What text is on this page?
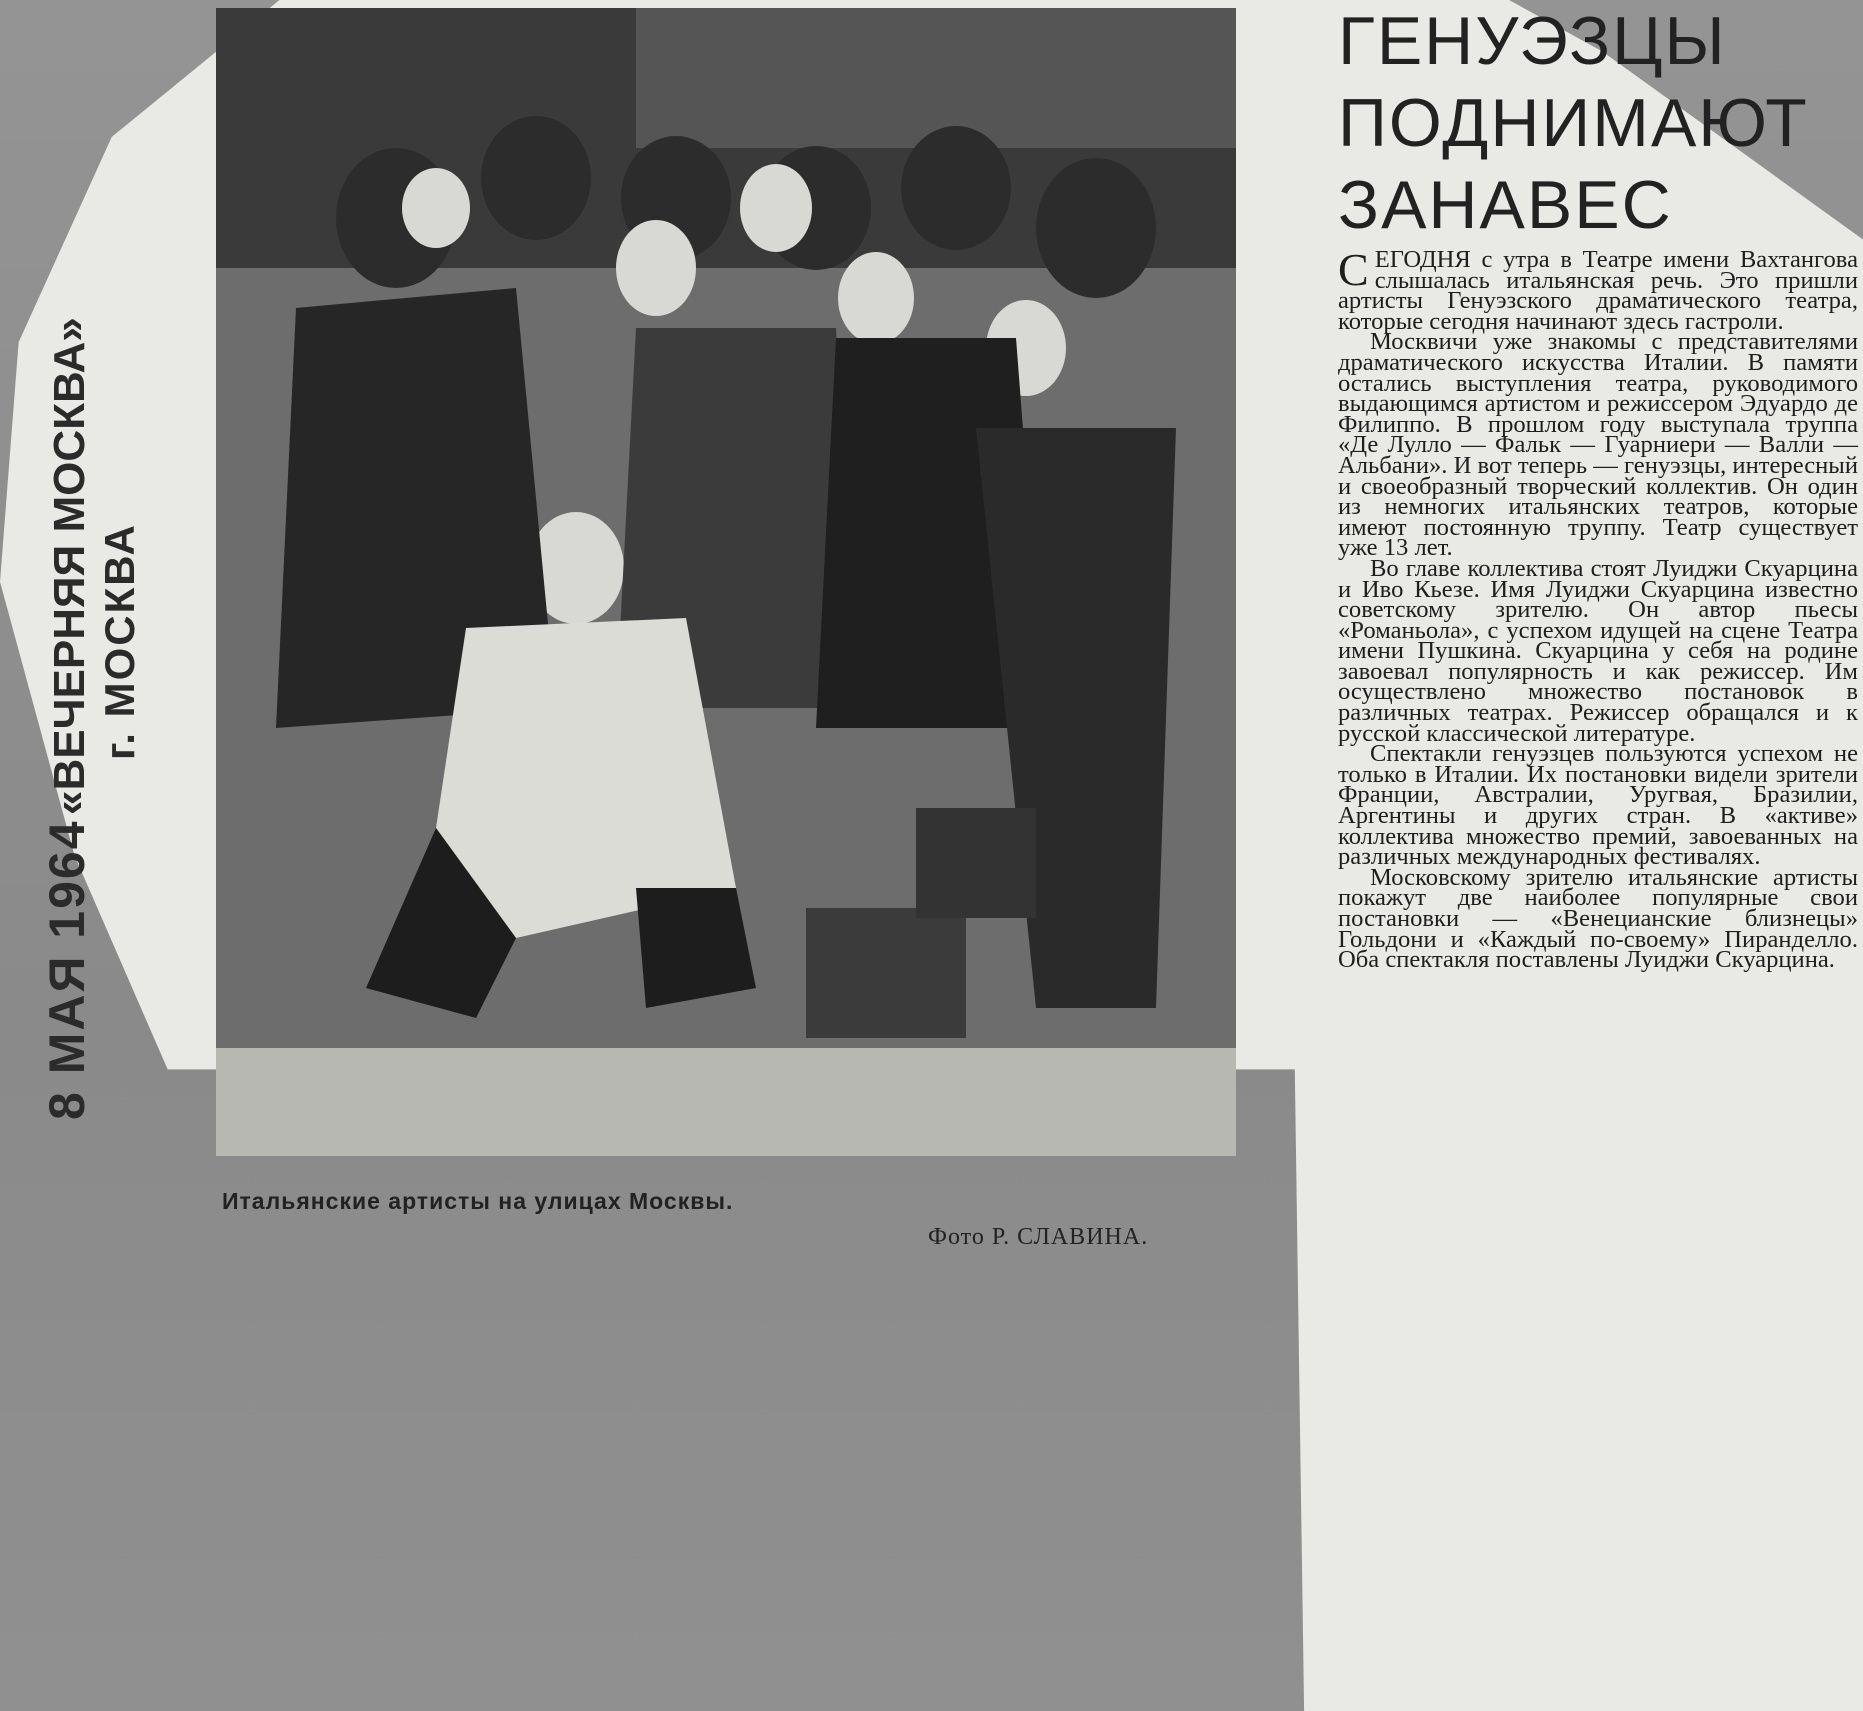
Итальянские артисты на улицах Москвы.
Фото Р. СЛАВИНА.
8 МАЯ 1964 «ВЕЧЕРНЯЯ МОСКВА» г. МОСКВА
ГЕНУЭЗЦЫ
ПОДНИМАЮТ
ЗАНАВЕС

СЕГОДНЯ с утра в Театре имени Вахтангова слышалась итальянская речь. Это пришли артисты Генуэзского драматического театра, которые сегодня начинают здесь гастроли.

Москвичи уже знакомы с представителями драматического искусства Италии. В памяти остались выступления театра, руководимого выдающимся артистом и режиссером Эдуардо де Филиппо. В прошлом году выступала труппа «Де Лулло — Фальк — Гуарниери — Валли — Альбани». И вот теперь — генуэзцы, интересный и своеобразный творческий коллектив. Он один из немногих итальянских театров, которые имеют постоянную труппу. Театр существует уже 13 лет.

Во главе коллектива стоят Луиджи Скуарцина и Иво Кьезе. Имя Луиджи Скуарцина известно советскому зрителю. Он автор пьесы «Романьола», с успехом идущей на сцене Театра имени Пушкина. Скуарцина у себя на родине завоевал популярность и как режиссер. Им осуществлено множество постановок в различных театрах. Режиссер обращался и к русской классической литературе.

Спектакли генуэзцев пользуются успехом не только в Италии. Их постановки видели зрители Франции, Австралии, Уругвая, Бразилии, Аргентины и других стран. В «активе» коллектива множество премий, завоеванных на различных международных фестивалях.

Московскому зрителю итальянские артисты покажут две наиболее популярные свои постановки — «Венецианские близнецы» Гольдони и «Каждый по-своему» Пиранделло. Оба спектакля поставлены Луиджи Скуарцина.
